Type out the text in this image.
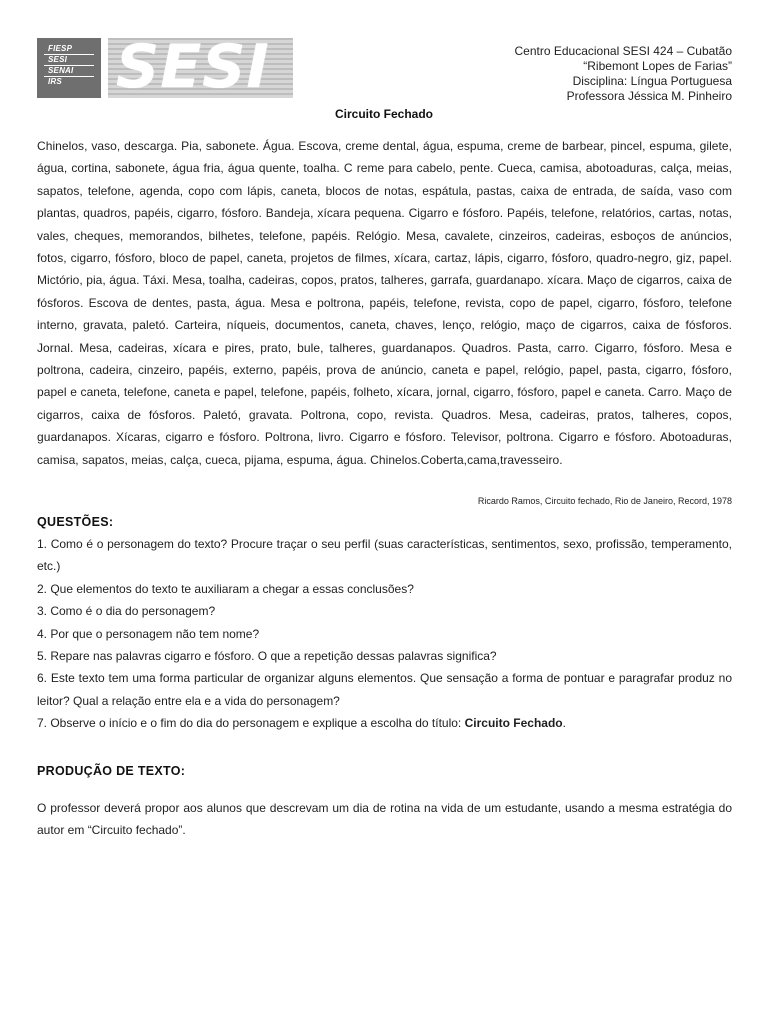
FIESP
SESI
SENAI
IRS SESI	Centro Educacional SESI 424 – Cubatão
“Ribemont Lopes de Farias”
Disciplina: Língua Portuguesa
Professora Jéssica M. Pinheiro
Circuito Fechado
Chinelos, vaso, descarga. Pia, sabonete. Água. Escova, creme dental, água, espuma, creme de barbear, pincel, espuma, gilete, água, cortina, sabonete, água fria, água quente, toalha. C reme para cabelo, pente. Cueca, camisa, abotoaduras, calça, meias, sapatos, telefone, agenda, copo com lápis, caneta, blocos de notas, espátula, pastas, caixa de entrada, de saída, vaso com plantas, quadros, papéis, cigarro, fósforo. Bandeja, xícara pequena. Cigarro e fósforo. Papéis, telefone, relatórios, cartas, notas, vales, cheques, memorandos, bilhetes, telefone, papéis. Relógio. Mesa, cavalete, cinzeiros, cadeiras, esboços de anúncios, fotos, cigarro, fósforo, bloco de papel, caneta, projetos de filmes, xícara, cartaz, lápis, cigarro, fósforo, quadro-negro, giz, papel. Mictório, pia, água. Táxi. Mesa, toalha, cadeiras, copos, pratos, talheres, garrafa, guardanapo. xícara. Maço de cigarros, caixa de fósforos. Escova de dentes, pasta, água. Mesa e poltrona, papéis, telefone, revista, copo de papel, cigarro, fósforo, telefone interno, gravata, paletó. Carteira, níqueis, documentos, caneta, chaves, lenço, relógio, maço de cigarros, caixa de fósforos. Jornal. Mesa, cadeiras, xícara e pires, prato, bule, talheres, guardanapos. Quadros. Pasta, carro. Cigarro, fósforo. Mesa e poltrona, cadeira, cinzeiro, papéis, externo, papéis, prova de anúncio, caneta e papel, relógio, papel, pasta, cigarro, fósforo, papel e caneta, telefone, caneta e papel, telefone, papéis, folheto, xícara, jornal, cigarro, fósforo, papel e caneta. Carro. Maço de cigarros, caixa de fósforos. Paletó, gravata. Poltrona, copo, revista. Quadros. Mesa, cadeiras, pratos, talheres, copos, guardanapos. Xícaras, cigarro e fósforo. Poltrona, livro. Cigarro e fósforo. Televisor, poltrona. Cigarro e fósforo. Abotoaduras, camisa, sapatos, meias, calça, cueca, pijama, espuma, água. Chinelos.Coberta,cama,travesseiro.
Ricardo Ramos, Circuito fechado, Rio de Janeiro, Record, 1978
QUESTÕES:
1. Como é o personagem do texto? Procure traçar o seu perfil (suas características, sentimentos, sexo, profissão, temperamento, etc.)
2. Que elementos do texto te auxiliaram a chegar a essas conclusões?
3. Como é o dia do personagem?
4. Por que o personagem não tem nome?
5. Repare nas palavras cigarro e fósforo. O que a repetição dessas palavras significa?
6. Este texto tem uma forma particular de organizar alguns elementos. Que sensação a forma de pontuar e paragrafar produz no leitor? Qual a relação entre ela e a vida do personagem?
7. Observe o início e o fim do dia do personagem e explique a escolha do título: Circuito Fechado.
PRODUÇÃO DE TEXTO:
O professor deverá propor aos alunos que descrevam um dia de rotina na vida de um estudante, usando a mesma estratégia do autor em “Circuito fechado”.
